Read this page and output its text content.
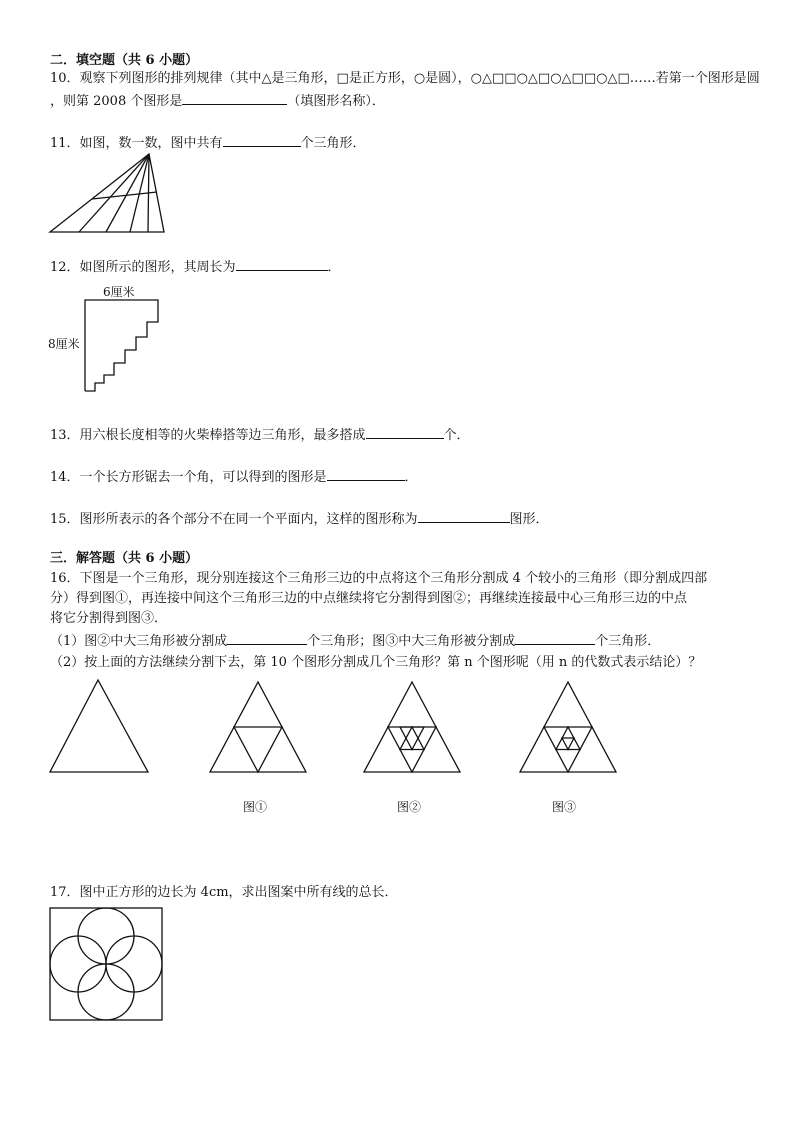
二．填空题（共 6 小题）
10．观察下列图形的排列规律（其中△是三角形，□是正方形，○是圆），○△□□○△□○△□□○△□……若第一个图形是圆
，则第 2008 个图形是	（填图形名称）．
11．如图，数一数，图中共有	个三角形．
12．如图所示的图形，其周长为	．
6厘米
8厘米
13．用六根长度相等的火柴棒搭等边三角形，最多搭成	个．
14．一个长方形锯去一个角，可以得到的图形是	．
15．图形所表示的各个部分不在同一个平面内，这样的图形称为	图形．
三．解答题（共 6 小题）
16．下图是一个三角形，现分别连接这个三角形三边的中点将这个三角形分割成 4 个较小的三角形（即分割成四部
分）得到图①，再连接中间这个三角形三边的中点继续将它分割得到图②；再继续连接最中心三角形三边的中点
将它分割得到图③．
（1）图②中大三角形被分割成	个三角形；图③中大三角形被分割成	个三角形．
（2）按上面的方法继续分割下去，第 10 个图形分割成几个三角形？第 n 个图形呢（用 n 的代数式表示结论）？
图①	图②	图③
17．图中正方形的边长为 4cm，求出图案中所有线的总长．
